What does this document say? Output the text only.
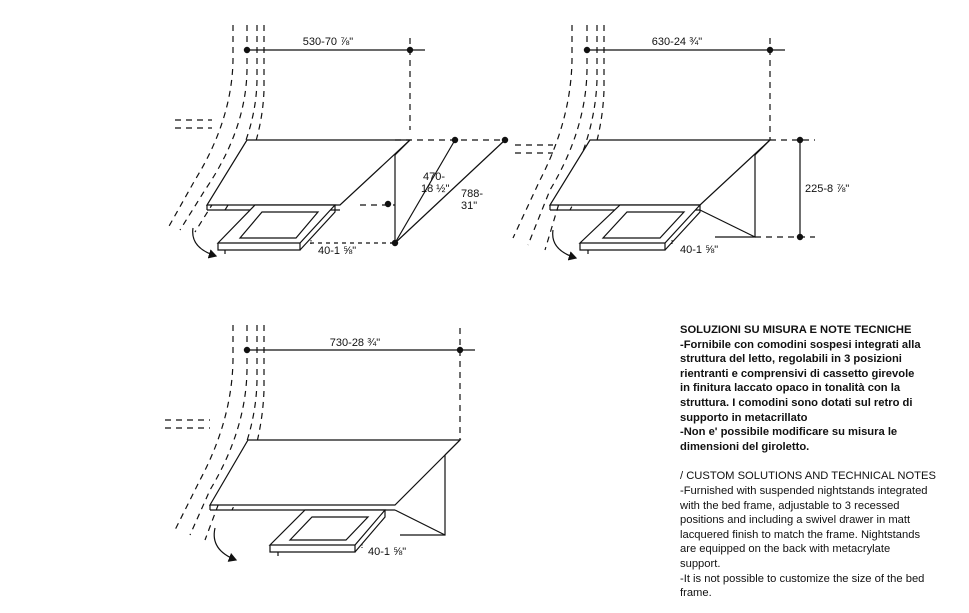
530-70 ⅞"
470-
18 ½" 788-
31"
40-1 ⅝"
630-24 ¾"
225-8 ⅞"
40-1 ⅝"
730-28 ¾"
40-1 ⅝"

SOLUZIONI SU MISURA E NOTE TECNICHE

-Fornibile con comodini sospesi integrati alla
struttura del letto, regolabili in 3 posizioni
rientranti e comprensivi di cassetto girevole
in finitura laccato opaco in tonalità con la
struttura. I comodini sono dotati sul retro di
supporto in metacrillato
-Non e' possibile modificare su misura le
dimensioni del giroletto.

/ CUSTOM SOLUTIONS AND TECHNICAL NOTES

-Furnished with suspended nightstands integrated
with the bed frame, adjustable to 3 recessed
positions and including a swivel drawer in matt
lacquered finish to match the frame. Nightstands
are equipped on the back with metacrylate
support.
-It is not possible to customize the size of the bed
frame.
